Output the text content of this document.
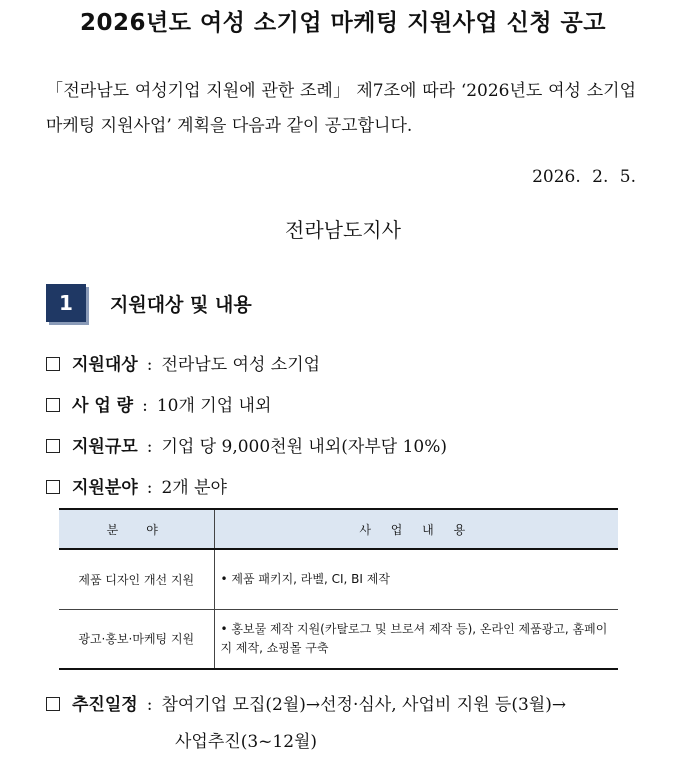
2026년도 여성 소기업 마케팅 지원사업 신청 공고
「전라남도 여성기업 지원에 관한 조례」 제7조에 따라 ‘2026년도 여성 소기업 마케팅 지원사업’ 계획을 다음과 같이 공고합니다.
2026. 2. 5.
전라남도지사
1	지원대상 및 내용
지원대상 : 전라남도 여성 소기업
사 업 량 : 10개 기업 내외
지원규모 : 기업 당 9,000천원 내외(자부담 10%)
지원분야 : 2개 분야
분　야	사 업 내 용
제품 디자인 개선 지원	• 제품 패키지, 라벨, CI, BI 제작
광고·홍보·마케팅 지원	• 홍보물 제작 지원(카탈로그 및 브로셔 제작 등), 온라인 제품광고, 홈페이지 제작, 쇼핑몰 구축
추진일정 : 참여기업 모집(2월)→선정·심사, 사업비 지원 등(3월)→
사업추진(3~12월)
